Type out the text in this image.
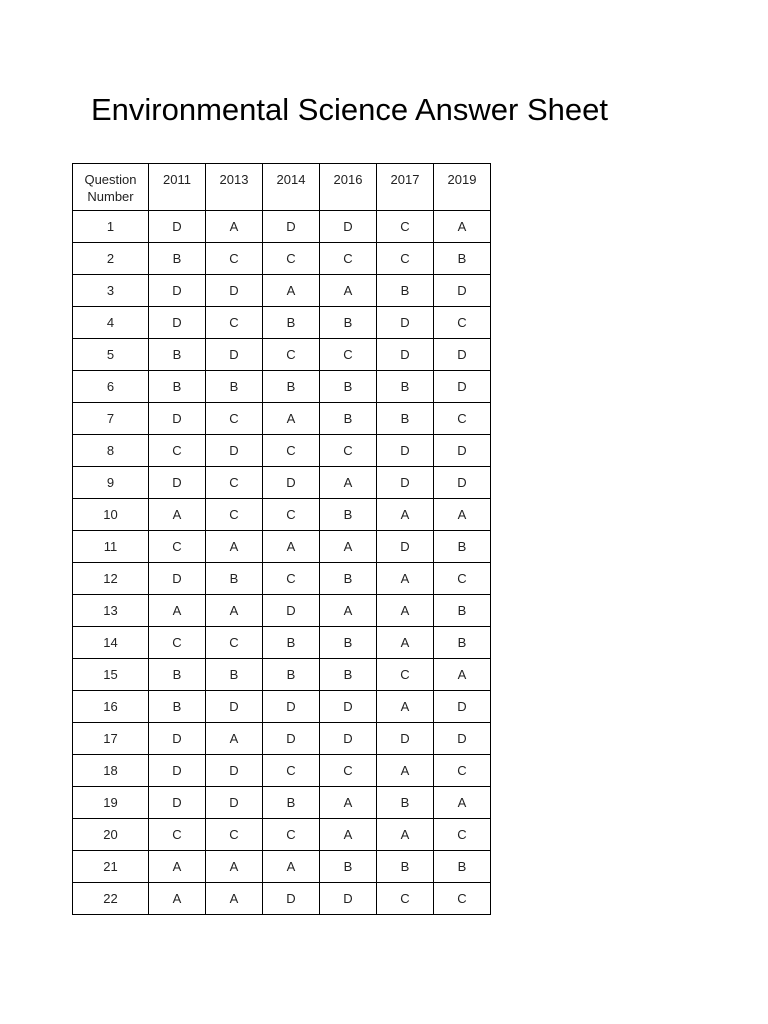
Environmental Science Answer Sheet
Question
Number	2011	2013	2014	2016	2017	2019
1	D	A	D	D	C	A
2	B	C	C	C	C	B
3	D	D	A	A	B	D
4	D	C	B	B	D	C
5	B	D	C	C	D	D
6	B	B	B	B	B	D
7	D	C	A	B	B	C
8	C	D	C	C	D	D
9	D	C	D	A	D	D
10	A	C	C	B	A	A
11	C	A	A	A	D	B
12	D	B	C	B	A	C
13	A	A	D	A	A	B
14	C	C	B	B	A	B
15	B	B	B	B	C	A
16	B	D	D	D	A	D
17	D	A	D	D	D	D
18	D	D	C	C	A	C
19	D	D	B	A	B	A
20	C	C	C	A	A	C
21	A	A	A	B	B	B
22	A	A	D	D	C	C
